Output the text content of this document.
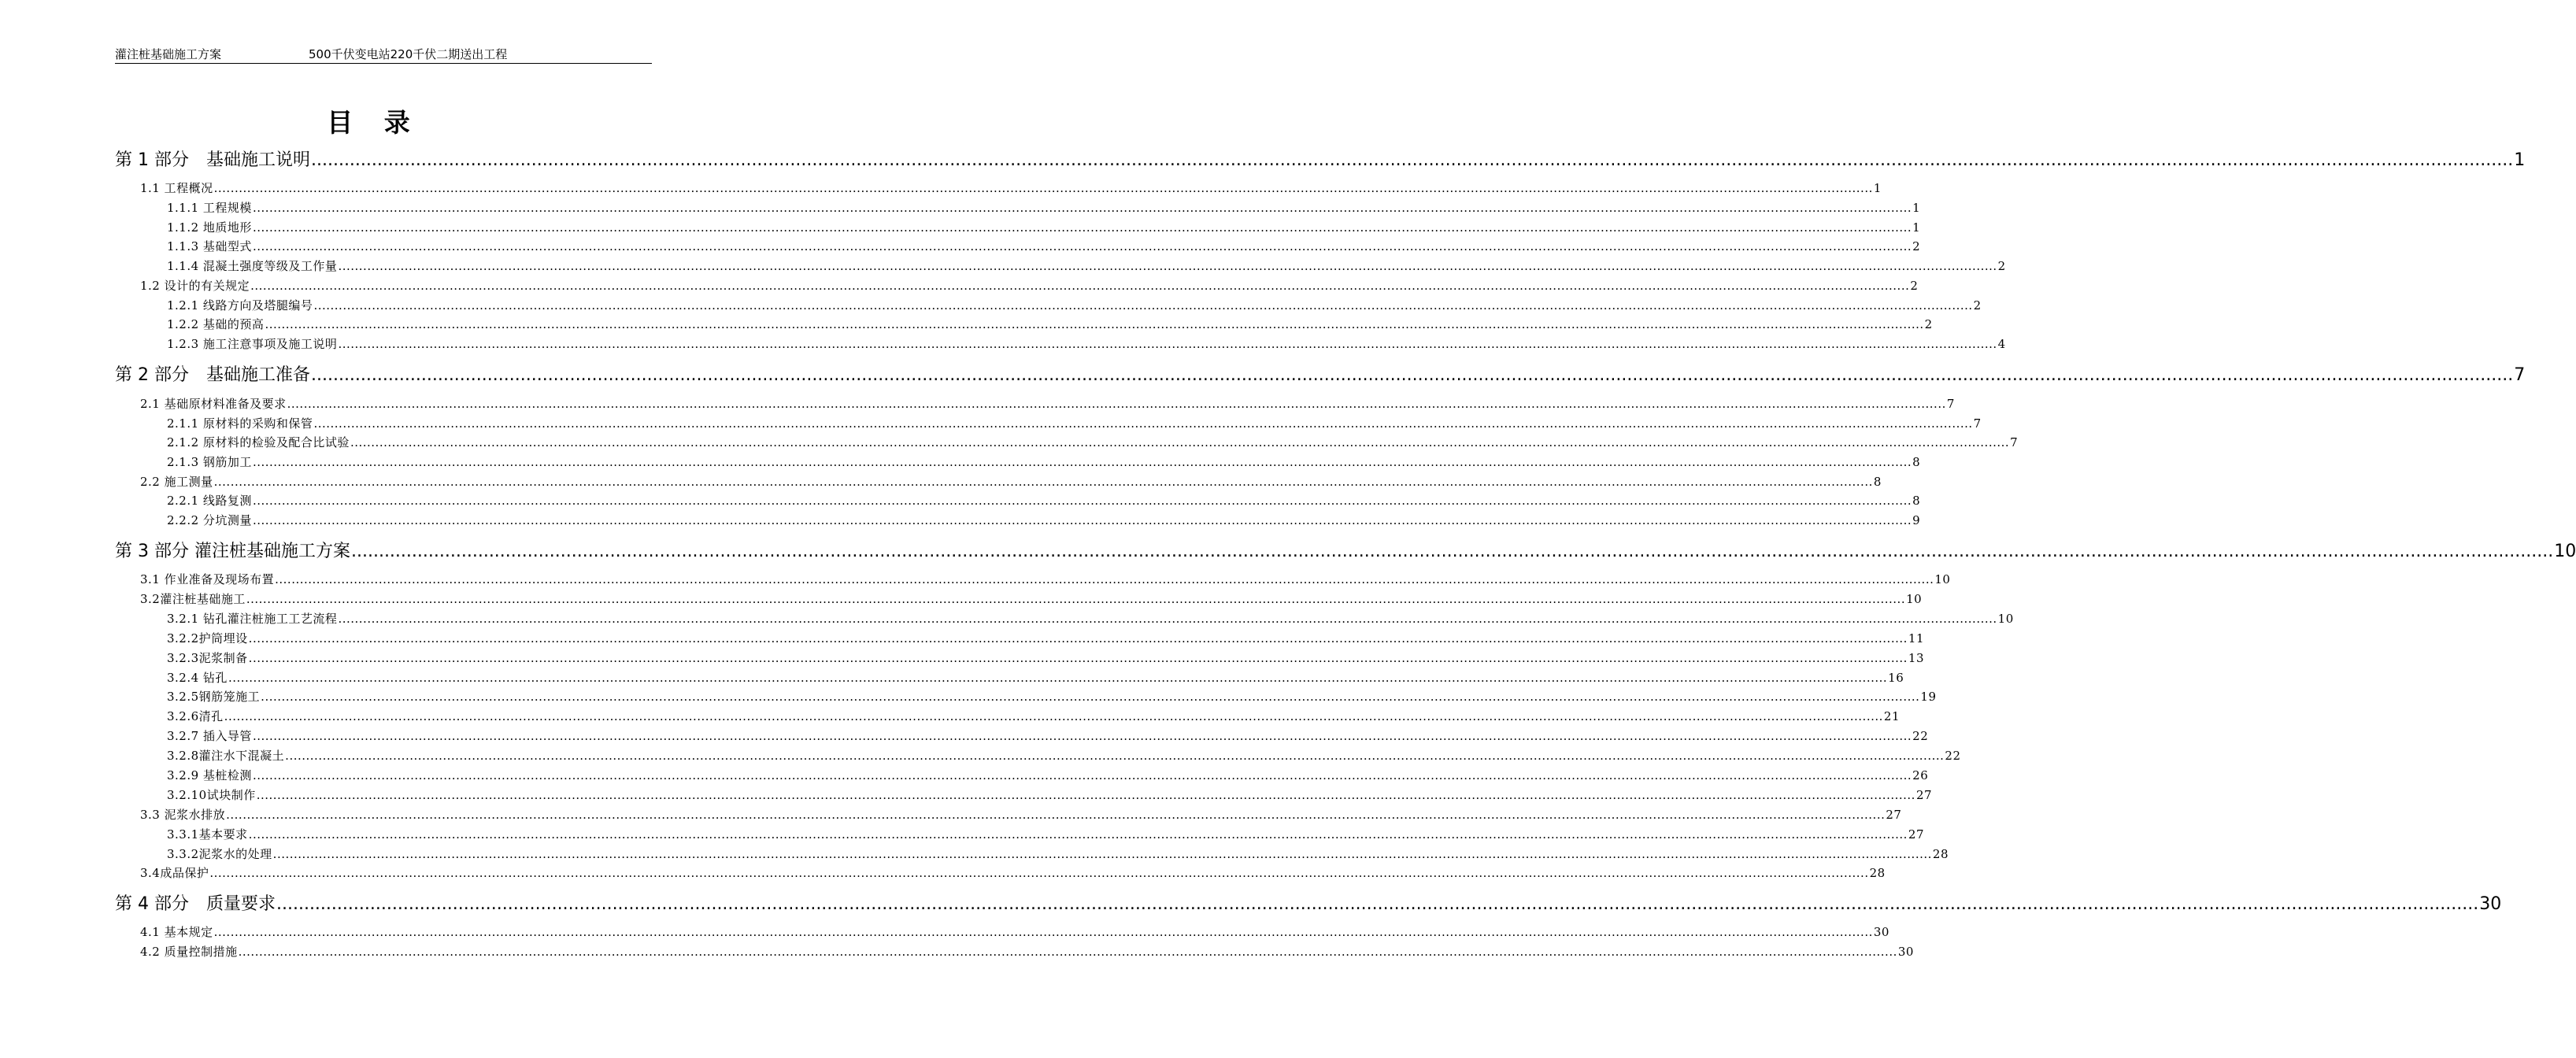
灌注桩基础施工方案	500千伏变电站220千伏二期送出工程
目 录
第 1 部分　基础施工说明 ................................................................................................................................................................................................................................................................................................................................................................................................................ 1
1.1 工程概况 ................................................................................................................................................................................................................................................................................................................................................................................................................ 1
1.1.1 工程规模 ................................................................................................................................................................................................................................................................................................................................................................................................................ 1
1.1.2 地质地形 ................................................................................................................................................................................................................................................................................................................................................................................................................ 1
1.1.3 基础型式 ................................................................................................................................................................................................................................................................................................................................................................................................................ 2
1.1.4 混凝土强度等级及工作量 ................................................................................................................................................................................................................................................................................................................................................................................................................ 2
1.2 设计的有关规定 ................................................................................................................................................................................................................................................................................................................................................................................................................ 2
1.2.1 线路方向及塔腿编号 ................................................................................................................................................................................................................................................................................................................................................................................................................ 2
1.2.2 基础的预高 ................................................................................................................................................................................................................................................................................................................................................................................................................ 2
1.2.3 施工注意事项及施工说明 ................................................................................................................................................................................................................................................................................................................................................................................................................ 4
第 2 部分　基础施工准备 ................................................................................................................................................................................................................................................................................................................................................................................................................ 7
2.1 基础原材料准备及要求 ................................................................................................................................................................................................................................................................................................................................................................................................................ 7
2.1.1 原材料的采购和保管 ................................................................................................................................................................................................................................................................................................................................................................................................................ 7
2.1.2 原材料的检验及配合比试验 ................................................................................................................................................................................................................................................................................................................................................................................................................ 7
2.1.3 钢筋加工 ................................................................................................................................................................................................................................................................................................................................................................................................................ 8
2.2 施工测量 ................................................................................................................................................................................................................................................................................................................................................................................................................ 8
2.2.1 线路复测 ................................................................................................................................................................................................................................................................................................................................................................................................................ 8
2.2.2 分坑测量 ................................................................................................................................................................................................................................................................................................................................................................................................................ 9
第 3 部分 灌注桩基础施工方案 ................................................................................................................................................................................................................................................................................................................................................................................................................ 10
3.1 作业准备及现场布置 ................................................................................................................................................................................................................................................................................................................................................................................................................ 10
3.2灌注桩基础施工 ................................................................................................................................................................................................................................................................................................................................................................................................................ 10
3.2.1 钻孔灌注桩施工工艺流程 ................................................................................................................................................................................................................................................................................................................................................................................................................ 10
3.2.2护筒埋设 ................................................................................................................................................................................................................................................................................................................................................................................................................ 11
3.2.3泥浆制备 ................................................................................................................................................................................................................................................................................................................................................................................................................ 13
3.2.4 钻孔 ................................................................................................................................................................................................................................................................................................................................................................................................................ 16
3.2.5钢筋笼施工 ................................................................................................................................................................................................................................................................................................................................................................................................................ 19
3.2.6清孔 ................................................................................................................................................................................................................................................................................................................................................................................................................ 21
3.2.7 插入导管 ................................................................................................................................................................................................................................................................................................................................................................................................................ 22
3.2.8灌注水下混凝土 ................................................................................................................................................................................................................................................................................................................................................................................................................ 22
3.2.9 基桩检测 ................................................................................................................................................................................................................................................................................................................................................................................................................ 26
3.2.10试块制作 ................................................................................................................................................................................................................................................................................................................................................................................................................ 27
3.3 泥浆水排放 ................................................................................................................................................................................................................................................................................................................................................................................................................ 27
3.3.1基本要求 ................................................................................................................................................................................................................................................................................................................................................................................................................ 27
3.3.2泥浆水的处理 ................................................................................................................................................................................................................................................................................................................................................................................................................ 28
3.4成品保护 ................................................................................................................................................................................................................................................................................................................................................................................................................ 28
第 4 部分　质量要求 ................................................................................................................................................................................................................................................................................................................................................................................................................ 30
4.1 基本规定 ................................................................................................................................................................................................................................................................................................................................................................................................................ 30
4.2 质量控制措施 ................................................................................................................................................................................................................................................................................................................................................................................................................ 30
